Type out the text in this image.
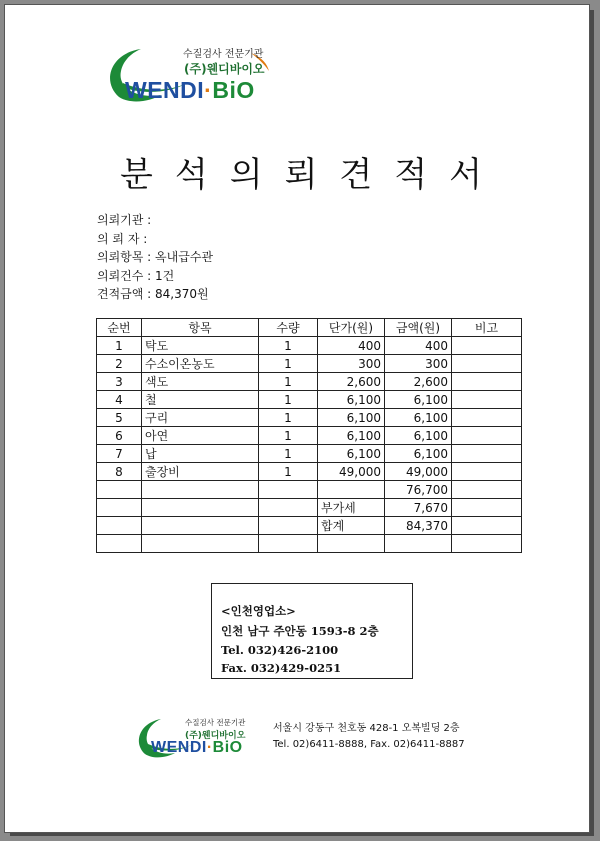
수질검사 전문기관
(주)웬디바이오
WENDI·BiO
분석의뢰견적서
의뢰기관 :
의 뢰 자 :
의뢰항목 : 옥내급수관
의뢰건수 : 1건
견적금액 : 84,370원
순번	항목	수량	단가(원)	금액(원)	비고
1	탁도	1	400	400	
2	수소이온농도	1	300	300	
3	색도	1	2,600	2,600	
4	철	1	6,100	6,100	
5	구리	1	6,100	6,100	
6	아연	1	6,100	6,100	
7	납	1	6,100	6,100	
8	출장비	1	49,000	49,000	
				76,700	
			부가세	7,670	
			합계	84,370	

<인천영업소>
인천 남구 주안동 1593-8 2층
Tel. 032)426-2100
Fax. 032)429-0251
수질검사 전문기관
(주)웬디바이오
WENDI·BiO
서울시 강동구 천호동 428-1 오복빌딩 2층
Tel. 02)6411-8888, Fax. 02)6411-8887
